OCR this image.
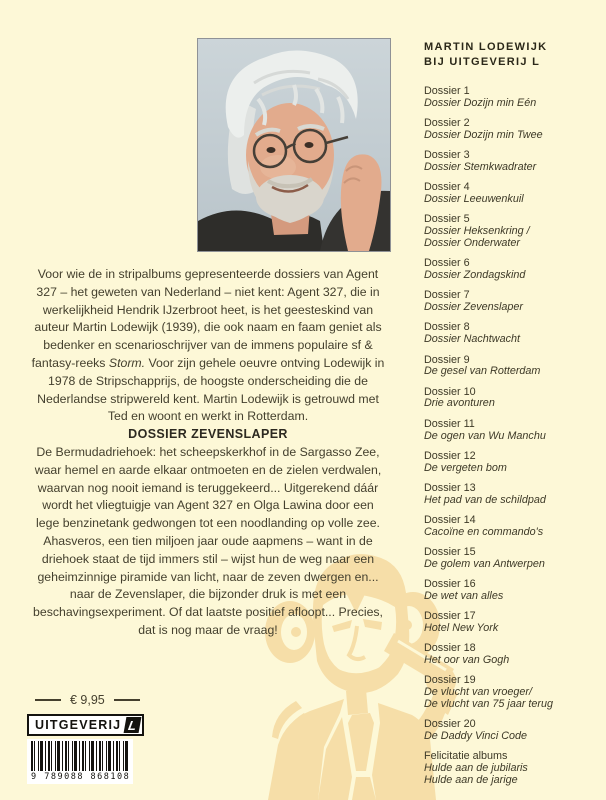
Voor wie de in stripalbums gepresenteerde dossiers van Agent 327 – het geweten van Nederland – niet kent: Agent 327, die in werkelijkheid Hendrik IJzerbroot heet, is het geesteskind van auteur Martin Lodewijk (1939), die ook naam en faam geniet als bedenker en scenarioschrijver van de immens populaire sf & fantasy-reeks Storm. Voor zijn gehele oeuvre ontving Lodewijk in 1978 de Stripschapprijs, de hoogste onderscheiding die de Nederlandse stripwereld kent. Martin Lodewijk is getrouwd met Ted en woont en werkt in Rotterdam.

DOSSIER ZEVENSLAPER

De Bermudadriehoek: het scheepskerkhof in de Sargasso Zee, waar hemel en aarde elkaar ontmoeten en de zielen verdwalen, waarvan nog nooit iemand is teruggekeerd... Uitgerekend dáár wordt het vliegtuigje van Agent 327 en Olga Lawina door een lege benzinetank gedwongen tot een noodlanding op volle zee. Ahasveros, een tien miljoen jaar oude aapmens – want in de driehoek staat de tijd immers stil – wijst hun de weg naar een geheimzinnige piramide van licht, naar de zeven dwergen en... naar de Zevenslaper, die bijzonder druk is met een beschavingsexperiment. Of dat laatste positief afloopt... Precies, dat is nog maar de vraag!

€ 9,95
UITGEVERIJ L
9 789088 868108
MARTIN LODEWIJK
BIJ UITGEVERIJ L
Dossier 1
Dossier Dozijn min Eén
Dossier 2
Dossier Dozijn min Twee
Dossier 3
Dossier Stemkwadrater
Dossier 4
Dossier Leeuwenkuil
Dossier 5
Dossier Heksenkring /
Dossier Onderwater
Dossier 6
Dossier Zondagskind
Dossier 7
Dossier Zevenslaper
Dossier 8
Dossier Nachtwacht
Dossier 9
De gesel van Rotterdam
Dossier 10
Drie avonturen
Dossier 11
De ogen van Wu Manchu
Dossier 12
De vergeten bom
Dossier 13
Het pad van de schildpad
Dossier 14
Cacoïne en commando's
Dossier 15
De golem van Antwerpen
Dossier 16
De wet van alles
Dossier 17
Hotel New York
Dossier 18
Het oor van Gogh
Dossier 19
De vlucht van vroeger/
De vlucht van 75 jaar terug
Dossier 20
De Daddy Vinci Code
Felicitatie albums
Hulde aan de jubilaris
Hulde aan de jarige
